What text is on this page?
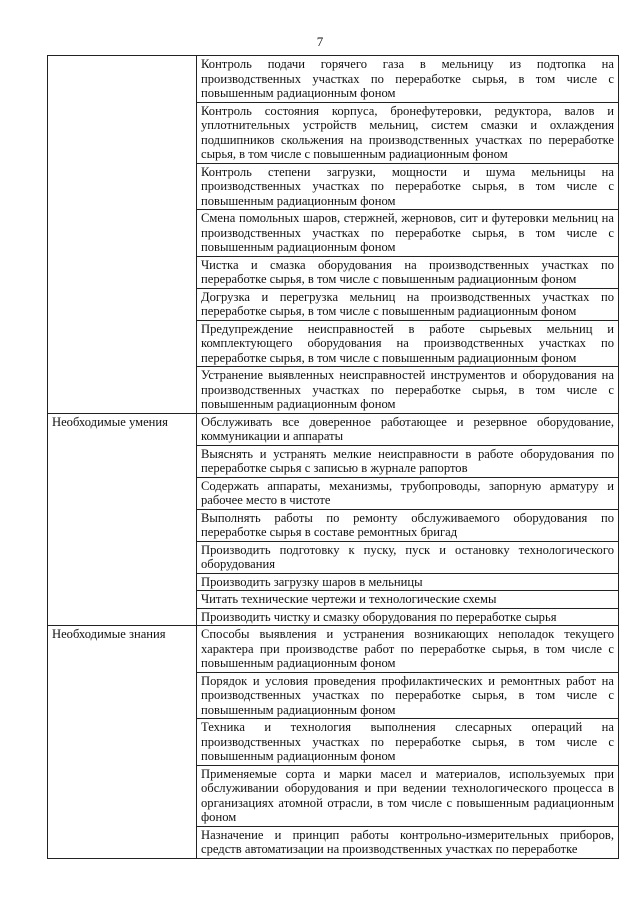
7
	Контроль подачи горячего газа в мельницу из подтопка на производственных участках по переработке сырья, в том числе с повышенным радиационным фоном
	Контроль состояния корпуса, бронефутеровки, редуктора, валов и уплотнительных устройств мельниц, систем смазки и охлаждения подшипников скольжения на производственных участках по переработке сырья, в том числе с повышенным радиационным фоном
	Контроль степени загрузки, мощности и шума мельницы на производственных участках по переработке сырья, в том числе с повышенным радиационным фоном
	Смена помольных шаров, стержней, жерновов, сит и футеровки мельниц на производственных участках по переработке сырья, в том числе с повышенным радиационным фоном
	Чистка и смазка оборудования на производственных участках по переработке сырья, в том числе с повышенным радиационным фоном
	Догрузка и перегрузка мельниц на производственных участках по переработке сырья, в том числе с повышенным радиационным фоном
	Предупреждение неисправностей в работе сырьевых мельниц и комплектующего оборудования на производственных участках по переработке сырья, в том числе с повышенным радиационным фоном
	Устранение выявленных неисправностей инструментов и оборудования на производственных участках по переработке сырья, в том числе с повышенным радиационным фоном
Необходимые умения	Обслуживать все доверенное работающее и резервное оборудование, коммуникации и аппараты
	Выяснять и устранять мелкие неисправности в работе оборудования по переработке сырья с записью в журнале рапортов
	Содержать аппараты, механизмы, трубопроводы, запорную арматуру и рабочее место в чистоте
	Выполнять работы по ремонту обслуживаемого оборудования по переработке сырья в составе ремонтных бригад
	Производить подготовку к пуску, пуск и остановку технологического оборудования
	Производить загрузку шаров в мельницы
	Читать технические чертежи и технологические схемы
	Производить чистку и смазку оборудования по переработке сырья
Необходимые знания	Способы выявления и устранения возникающих неполадок текущего характера при производстве работ по переработке сырья, в том числе с повышенным радиационным фоном
	Порядок и условия проведения профилактических и ремонтных работ на производственных участках по переработке сырья, в том числе с повышенным радиационным фоном
	Техника и технология выполнения слесарных операций на производственных участках по переработке сырья, в том числе с повышенным радиационным фоном
	Применяемые сорта и марки масел и материалов, используемых при обслуживании оборудования и при ведении технологического процесса в организациях атомной отрасли, в том числе с повышенным радиационным фоном
	Назначение и принцип работы контрольно-измерительных приборов, средств автоматизации на производственных участках по переработке
